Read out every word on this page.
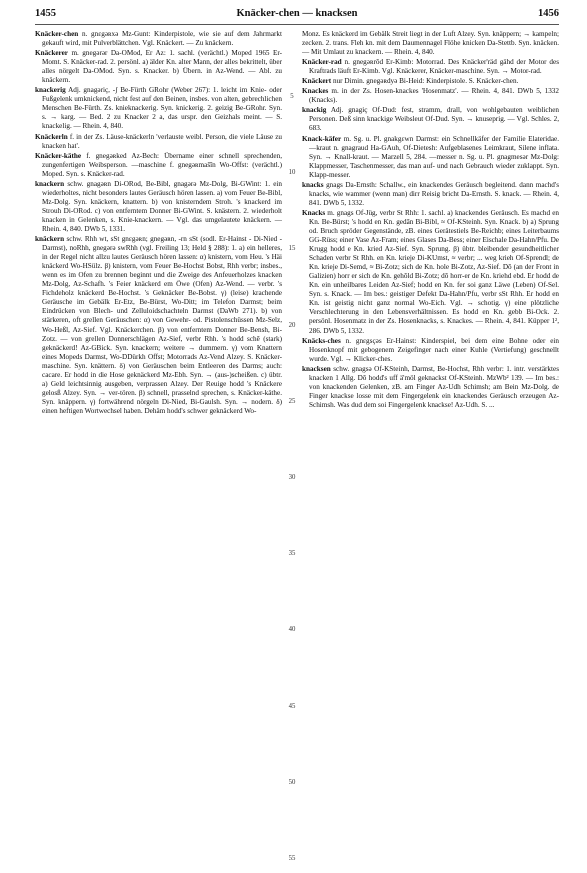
1455	Knäcker-chen — knacksen	1456

Knäcker-chen n. gnɛgəʀxə Mz-Gunt: Kinderpistole, wie sie auf dem Jahrmarkt gekauft wird, mit Pulverblättchen. Vgl. Knäckert. — Zu knäckern.

Knäckerer m. gnegərər Da-OMod, Er Az: 1. sachl. (verächtl.) Moped 1965 Er-Momt. S. Knäcker-rad. 2. persönl. a) älder Kn. alter Mann, der alles bekrittelt, über alles nörgelt Da-OMod. Syn. s. Knacker. b) Übern. in Az-Wend. — Abl. zu knäckern.

knackerig Adj. gnagəriç, -ʃ Be-Fürth GRohr (Weber 267): 1. leicht im Knie- oder Fußgelenk umknickend, nicht fest auf den Beinen, insbes. von alten, gebrechlichen Menschen Be-Fürth. Zs. knieknackerig. Syn. knickerig. 2. geizig Be-GRohr. Syn. s. → karg. — Bed. 2 zu Knacker 2 a, das urspr. den Geizhals meint. — S. knackelig. — Rhein. 4, 840.

Knäckerln f. in der Zs. Läuse-knäckerln 'verlauste weibl. Person, die viele Läuse zu knacken hat'.

Knäcker-käthe f. gnegəʀked Az-Bech: Übername einer schnell sprechenden, zungenfertigen Weibsperson. —maschine f. gnegəʀmašīn Wo-Offst: (verächtl.) Moped. Syn. s. Knäcker-rad.

knackern schw. gnagəʀn Di-ORod, Be-Bibl, gnagərə Mz-Dolg, Bi-GWint: 1. ein wiederholtes, nicht besonders lautes Geräusch hören lassen. a) vom Feuer Be-Bibl, Mz-Dolg. Syn. knäckern, knattern. b) von knisterndem Stroh. 's knackerd im Strouh Di-ORod. c) von entferntem Donner Bi-GWint. S. knästern. 2. wiederholt knacken in Gelenken, s. Knie-knackern. — Vgl. das umgelautete knäckern. — Rhein. 4, 840. DWb 5, 1331.

knäckern schw. Rhh wt, sSt gnɛgəʀn; gnegəʀn, -rn sSt (sodl. Er-Hainst - Di-Nied - Darmst), noRhh, gnegərə swRhh (vgl. Freiling 13; Held § 288): 1. a) ein helleres, in der Regel nicht allzu lautes Geräusch hören lassen: α) knistern, vom Heu. 's Häi knäckerd Wo-HSülz. β) knistern, vom Feuer Be-Hochst Bobst, Rhh verbr; insbes., wenn es im Ofen zu brennen beginnt und die Zweige des Anfeuerholzes knacken Mz-Dolg, Az-Schafh. 's Feier knäckerd em Öwe (Ofen) Az-Wend. — verbr. 's Fichdeholz knäckerd Be-Hochst. 's Geknäcker Be-Bobst. γ) (leise) krachende Geräusche im Gebälk Er-Etz, Be-Bürst, Wo-Ditt; im Telefon Darmst; beim Eindrücken von Blech- und Zelluloidschachteln Darmst (DaWb 271). b) von stärkeren, oft grellen Geräuschen: α) von Gewehr- od. Pistolenschüssen Mz-Selz, Wo-Heßl, Az-Sief. Vgl. Knäckerchen. β) von entferntem Donner Be-Bensh, Bi-Zotz. — von grellen Donnerschlägen Az-Sief, verbr Rhh. 's hodd schē (stark) geknäckerd! Az-GBick. Syn. knackern; weitere → dummern. γ) vom Knattern eines Mopeds Darmst, Wo-DDürkh Offst; Motorrads Az-Vend Alzey. S. Knäcker-maschine. Syn. knättern. δ) von Geräuschen beim Entleeren des Darms; auch: cacare. Er hodd in die Hose geknäckerd Mz-Ebh. Syn. → (aus-)scheißen. c) übtr. a) Geld leichtsinnig ausgeben, verprassen Alzey. Der Reuige hodd 's Knäckere gelosß Alzey. Syn. → ver-tören. β) schnell, prasselnd sprechen, s. Knäcker-käthe. Syn. knäppern. γ) fortwährend nörgeln Di-Nied, Bi-Gaulsh. Syn. → nodern. δ) einen heftigen Wortwechsel haben. Dehäm hodd's schwer geknäckerd Wo-

5
10
15
20
25
30
35
40
45
50
55

Monz. Es knäckerd im Gebälk Streit liegt in der Luft Alzey. Syn. knäppern; → kampeln; zecken. 2. trans. Fleh kn. mit dem Daumennagel Flöhe knicken Da-Stettb. Syn. knäcken. — Mit Umlaut zu knackern. — Rhein. 4, 840.

Knäcker-rad n. gnegəʀrōd Er-Kimb: Motorrad. Des Knäcker'räd gähd der Motor des Kraftrads läuft Er-Kimb. Vgl. Knäckerer, Knäcker-maschine. Syn. → Motor-rad.

Knäckert nur Dimin. gnegəʀdyə Bi-Heid: Kinderpistole. S. Knäcker-chen.

Knackes m. in der Zs. Hosen-knackes 'Hosenmatz'. — Rhein. 4, 841. DWb 5, 1332 (Knacks).

knackig Adj. gnagiç Of-Dud: fest, stramm, drall, von wohlgebauten weiblichen Personen. Deß sinn knackige Weibsleut Of-Dud. Syn. → knuseprig. — Vgl. Schles. 2, 683.

Knack-käfer m. Sg. u. Pl. gnakgɛwn Darmst: ein Schnellkäfer der Familie Elateridae. —kraut n. gnagraud Ha-GAuh, Of-Dietesh: Aufgeblasenes Leimkraut, Silene inflata. Syn. → Knall-kraut. — Marzell 5, 284. —messer n. Sg. u. Pl. gnagmesər Mz-Dolg: Klappmesser, Taschenmesser, das man auf- und nach Gebrauch wieder zuklappt. Syn. Klapp-messer.

knacks gnags Da-Ernsth: Schallw., ein knackendes Geräusch begleitend. dann machd's knacks, wie wammer (wenn man) dirr Reisig bricht Da-Ernsth. S. knack. — Rhein. 4, 841. DWb 5, 1332.

Knacks m. gnags Of-Jüg, verbr St Rhh: 1. sachl. a) knackendes Geräusch. Es machd en Kn. Be-Bürst; 's hodd en Kn. gedān Bi-Bibl, ≈ Of-KSteinh. Syn. Knack. b) a) Sprung od. Bruch spröder Gegenstände, zB. eines Gerätestiels Be-Reichb; eines Leiterbaums GG-Rüss; einer Vase Az-Fram; eines Glases Da-Bess; einer Eischale Da-Hahn/Pfu. De Krugg hodd e Kn. kried Az-Sief. Syn. Sprung. β) übtr. bleibender gesundheitlicher Schaden verbr St Rhh. en Kn. krieje Di-KUmst, ≈ verbr; ... weg krieh Of-Sprendl; de Kn. krieje Di-Semd, ≈ Bi-Zotz; sich de Kn. hole Bi-Zotz, Az-Sief. Dō (an der Front in Galizien) horr er sich de Kn. gehōld Bi-Zotz; dō horr-er de Kn. kriehd ebd. Er hodd de Kn. ein unheilbares Leiden Az-Sief; hodd en Kn. fer soi ganz Läwe (Leben) Of-Sel. Syn. s. Knack. — Im bes.: geistiger Defekt Da-Hahn/Pfu, verbr sSt Rhh. Er hodd en Kn. ist geistig nicht ganz normal Wo-Eich. Vgl. → schotig. γ) eine plötzliche Verschlechterung in den Lebensverhältnissen. Es hodd en Kn. gebb Bi-Ock. 2. persönl. Hosenmatz in der Zs. Hosenknacks, s. Knackes. — Rhein. 4, 841. Küpper 1², 286. DWb 5, 1332.

Knäcks-ches n. gnɛgsçəs Er-Hainst: Kinderspiel, bei dem eine Bohne oder ein Hosenknopf mit gebogenem Zeigefinger nach einer Kuhle (Vertiefung) geschnellt wurde. Vgl. → Klicker-ches.

knacksen schw. gnagsə Of-KSteinh, Darmst, Be-Hochst, Rhh verbr: 1. intr. verstärktes knacken 1 Allg. Dō hodd's uff ä'möl geknackst Of-KSteinh. MzWb² 139. — Im bes.: von knackenden Gelenken, zB. am Finger Az-Udh Schimsh; am Bein Mz-Dolg. de Finger knackse losse mit dem Fingergelenk ein knackendes Geräusch erzeugen Az-Schimsh. Was dud dem soi Fingergelenk knackse! Az-Udh. S. ...
